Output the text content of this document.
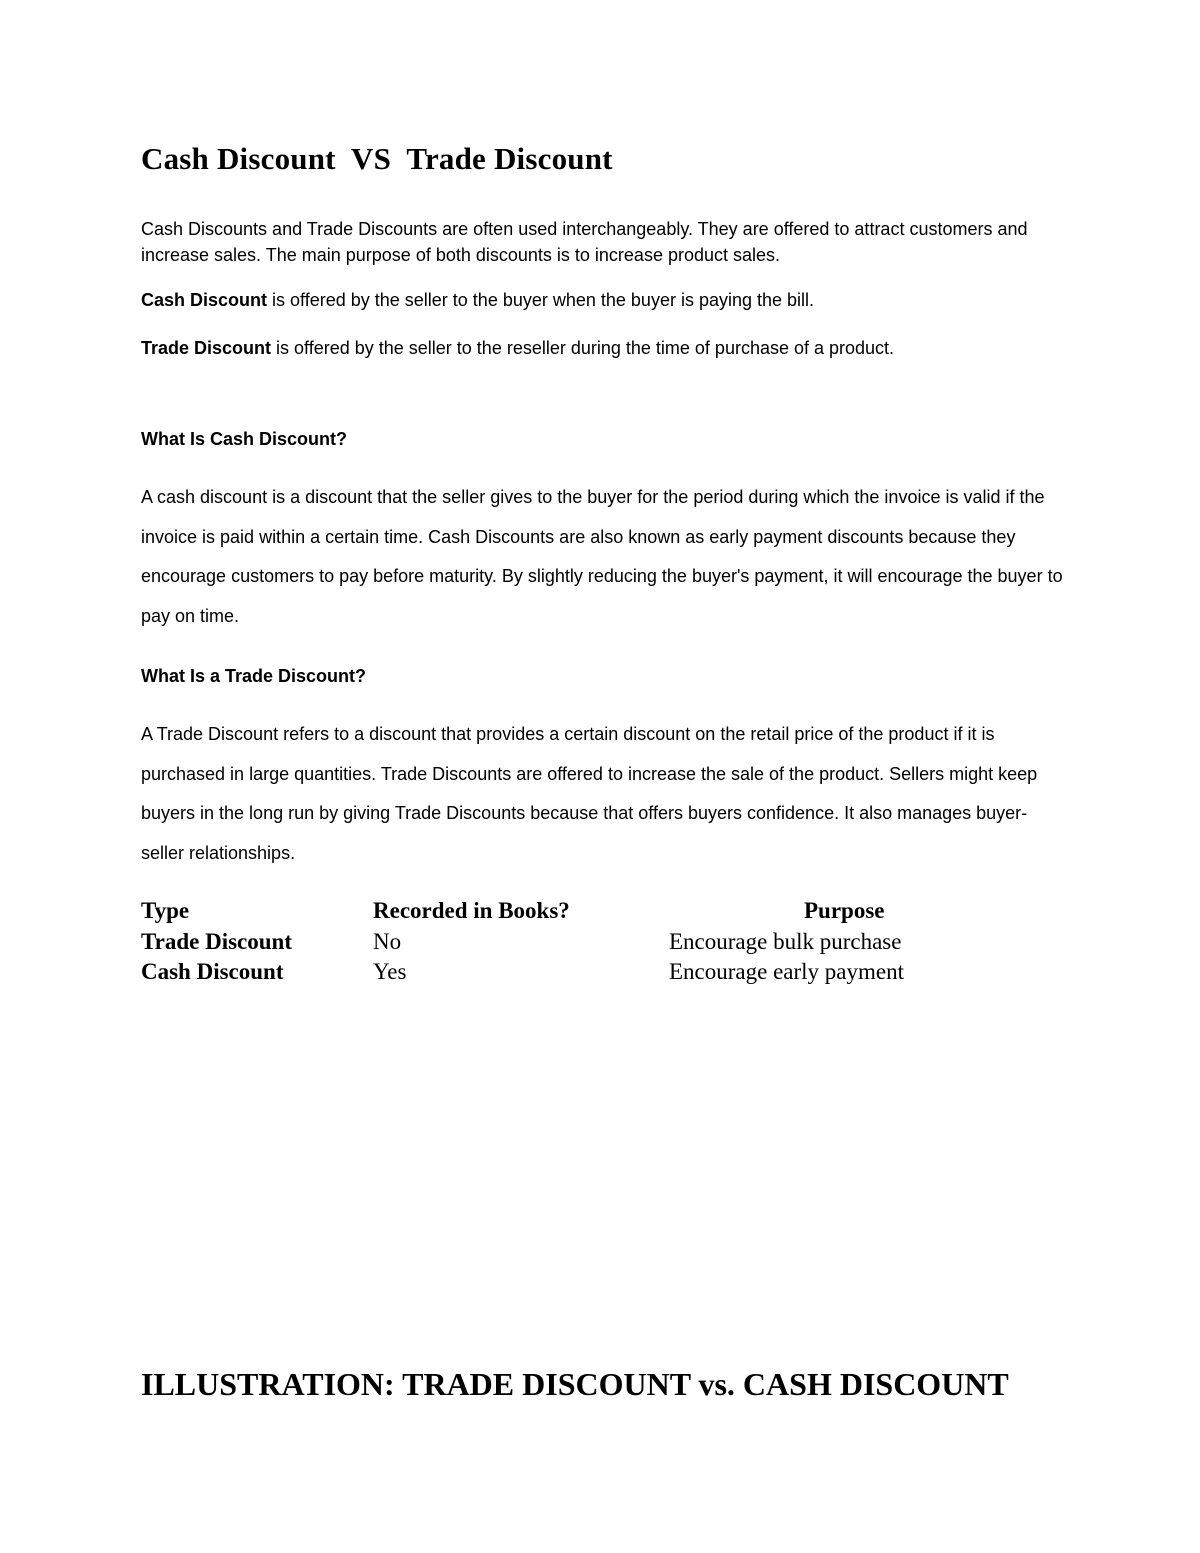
Cash Discount  VS  Trade Discount
Cash Discounts and Trade Discounts are often used interchangeably. They are offered to attract customers and increase sales. The main purpose of both discounts is to increase product sales.
Cash Discount is offered by the seller to the buyer when the buyer is paying the bill.
Trade Discount is offered by the seller to the reseller during the time of purchase of a product.
What Is Cash Discount?
A cash discount is a discount that the seller gives to the buyer for the period during which the invoice is valid if the invoice is paid within a certain time. Cash Discounts are also known as early payment discounts because they encourage customers to pay before maturity. By slightly reducing the buyer's payment, it will encourage the buyer to pay on time.
What Is a Trade Discount?
A Trade Discount refers to a discount that provides a certain discount on the retail price of the product if it is purchased in large quantities. Trade Discounts are offered to increase the sale of the product. Sellers might keep buyers in the long run by giving Trade Discounts because that offers buyers confidence. It also manages buyer-seller relationships.
Type	Recorded in Books?	Purpose
Trade Discount	No	Encourage bulk purchase
Cash Discount	Yes	Encourage early payment
ILLUSTRATION: TRADE DISCOUNT vs. CASH DISCOUNT
